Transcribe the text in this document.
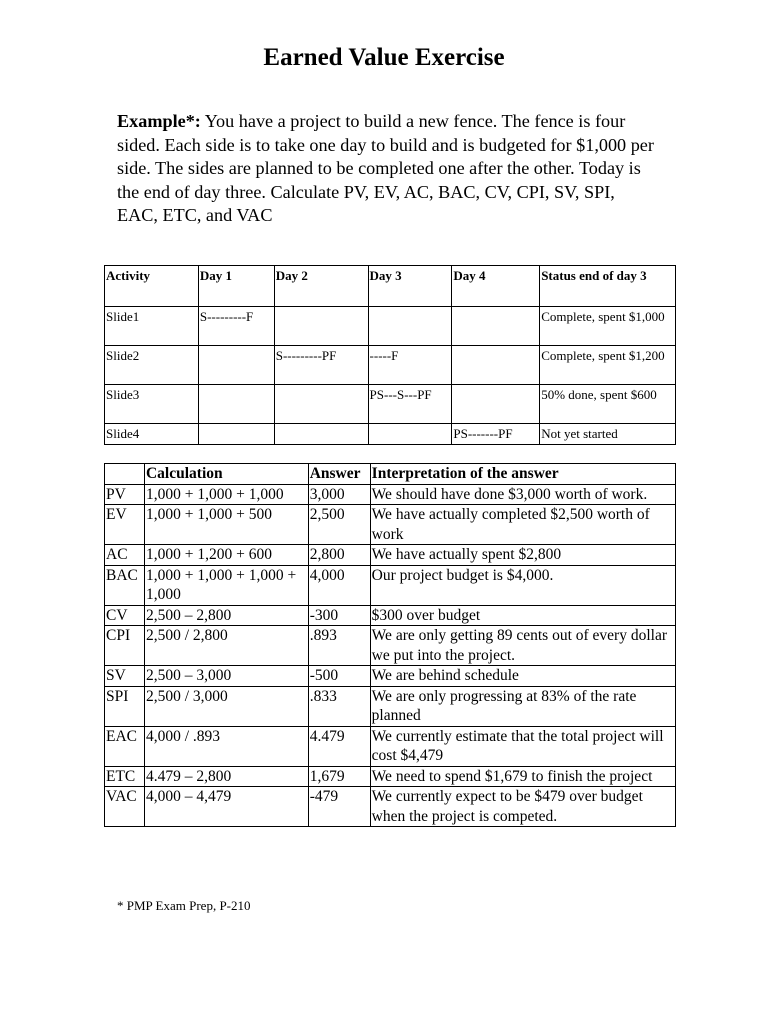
Earned Value Exercise

Example*: You have a project to build a new fence. The fence is four sided. Each side is to take one day to build and is budgeted for $1,000 per side. The sides are planned to be completed one after the other. Today is the end of day three. Calculate PV, EV, AC, BAC, CV, CPI, SV, SPI, EAC, ETC, and VAC

Activity	Day 1	Day 2	Day 3	Day 4	Status end of day 3
Slide1	S---------F				Complete, spent $1,000
Slide2		S---------PF	-----F		Complete, spent $1,200
Slide3			PS---S---PF		50% done, spent $600
Slide4				PS-------PF	Not yet started
	Calculation	Answer	Interpretation of the answer
PV	1,000 + 1,000 + 1,000	3,000	We should have done $3,000 worth of work.
EV	1,000 + 1,000 + 500	2,500	We have actually completed $2,500 worth of work
AC	1,000 + 1,200 + 600	2,800	We have actually spent $2,800
BAC	1,000 + 1,000 + 1,000 + 1,000	4,000	Our project budget is $4,000.
CV	2,500 – 2,800	-300	$300 over budget
CPI	2,500 / 2,800	.893	We are only getting 89 cents out of every dollar we put into the project.
SV	2,500 – 3,000	-500	We are behind schedule
SPI	2,500 / 3,000	.833	We are only progressing at 83% of the rate planned
EAC	4,000 / .893	4.479	We currently estimate that the total project will cost $4,479
ETC	4.479 – 2,800	1,679	We need to spend $1,679 to finish the project
VAC	4,000 – 4,479	-479	We currently expect to be $479 over budget when the project is competed.
* PMP Exam Prep, P-210
